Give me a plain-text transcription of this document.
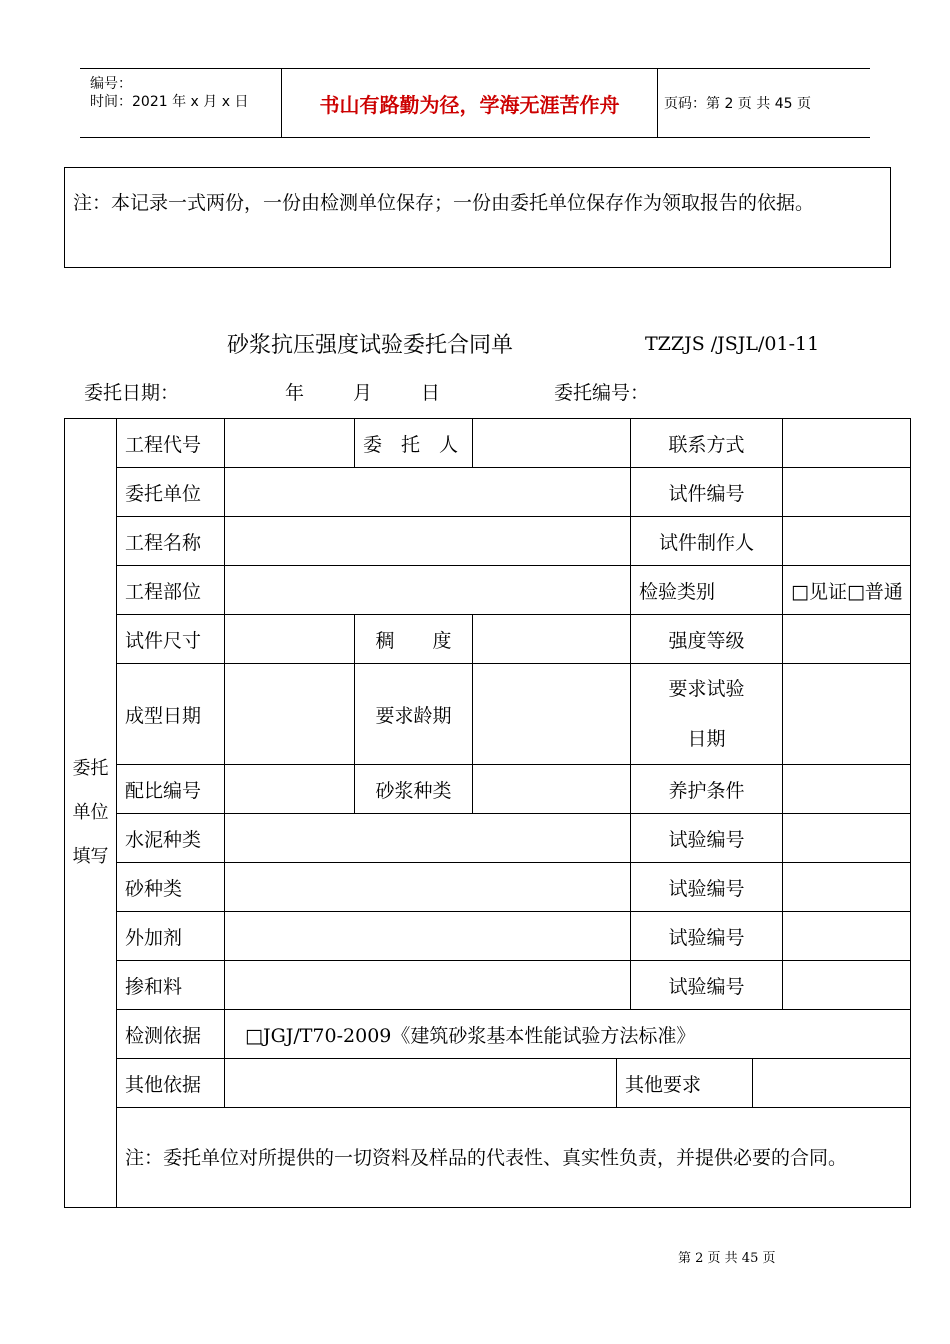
编号：
时间：2021 年 x 月 x 日	书山有路勤为径，学海无涯苦作舟	页码：第 2 页 共 45 页
注：本记录一式两份，一份由检测单位保存；一份由委托单位保存作为领取报告的依据。
砂浆抗压强度试验委托合同单	TZZJS /JSJL/01-11
委托日期：	年	月	日	委托编号：
委托单位填写	工程代号		委　托　人			联系方式		
	委托单位					试件编号		
	工程名称					试件制作人		
	工程部位					检验类别		□见证□普通
	试件尺寸		稠　　度			强度等级		
	成型日期		要求龄期			要求试验日期		

	配比编号		砂浆种类			养护条件		
	水泥种类					试验编号		
	砂种类					试验编号		
	外加剂					试验编号		
	掺和料					试验编号		
	检测依据	□JGJ/T70-2009《建筑砂浆基本性能试验方法标准》						
	其他依据				其他要求			
	注：委托单位对所提供的一切资料及样品的代表性、真实性负责，并提供必要的合同。							
第 2 页 共 45 页
